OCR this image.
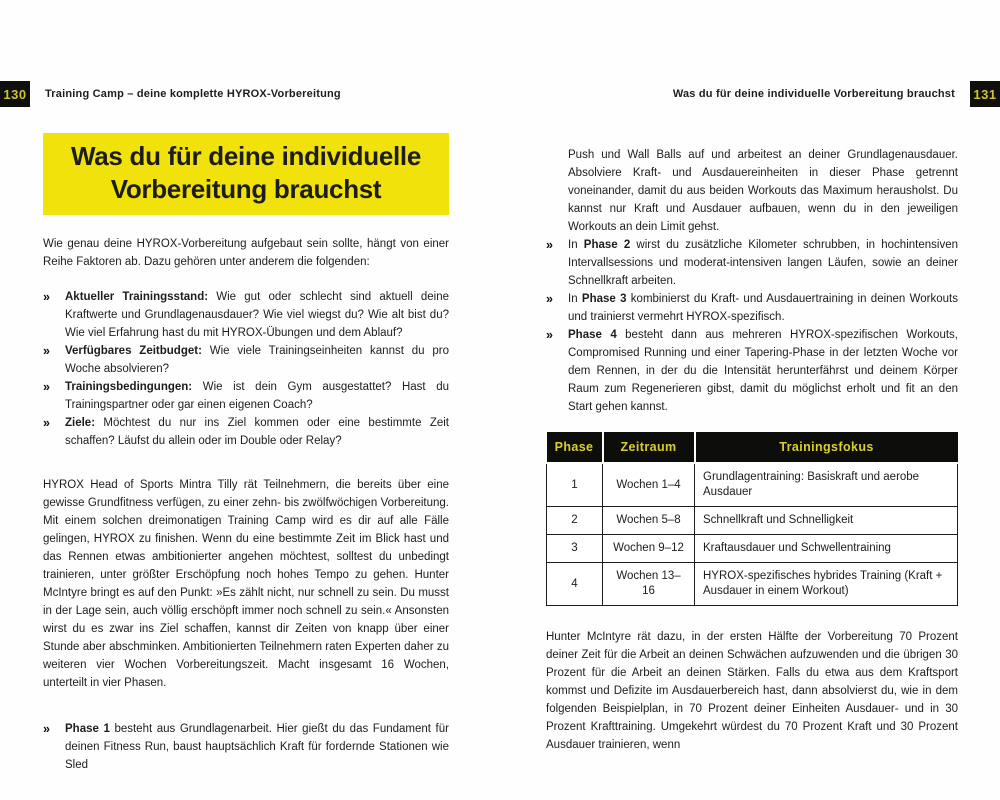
130	Training Camp – deine komplette HYROX-Vorbereitung	Was du für deine individuelle Vorbereitung brauchst 131
Was du für deine individuelle
Vorbereitung brauchst

Wie genau deine HYROX-Vorbereitung aufgebaut sein sollte, hängt von einer Reihe Faktoren ab. Dazu gehören unter anderem die folgenden:

»	Aktueller Trainingsstand: Wie gut oder schlecht sind aktuell deine Kraftwerte und Grundlagenausdauer? Wie viel wiegst du? Wie alt bist du? Wie viel Erfahrung hast du mit HYROX-Übungen und dem Ablauf?
»	Verfügbares Zeitbudget: Wie viele Trainingseinheiten kannst du pro Woche absolvieren?
»	Trainingsbedingungen: Wie ist dein Gym ausgestattet? Hast du Trainingspartner oder gar einen eigenen Coach?
»	Ziele: Möchtest du nur ins Ziel kommen oder eine bestimmte Zeit schaffen? Läufst du allein oder im Double oder Relay?

HYROX Head of Sports Mintra Tilly rät Teilnehmern, die bereits über eine gewisse Grundfitness verfügen, zu einer zehn- bis zwölfwöchigen Vorbereitung. Mit einem solchen dreimonatigen Training Camp wird es dir auf alle Fälle gelingen, HYROX zu finishen. Wenn du eine bestimmte Zeit im Blick hast und das Rennen etwas ambitionierter angehen möchtest, solltest du unbedingt trainieren, unter größter Erschöpfung noch hohes Tempo zu gehen. Hunter McIntyre bringt es auf den Punkt: »Es zählt nicht, nur schnell zu sein. Du musst in der Lage sein, auch völlig erschöpft immer noch schnell zu sein.« Ansonsten wirst du es zwar ins Ziel schaffen, kannst dir Zeiten von knapp über einer Stunde aber abschminken. Ambitionierten Teilnehmern raten Experten daher zu weiteren vier Wochen Vorbereitungszeit. Macht insgesamt 16 Wochen, unterteilt in vier Phasen.

»	Phase 1 besteht aus Grundlagenarbeit. Hier gießt du das Fundament für deinen Fitness Run, baust hauptsächlich Kraft für fordernde Stationen wie Sled
Push und Wall Balls auf und arbeitest an deiner Grundlagenausdauer. Absolviere Kraft- und Ausdauereinheiten in dieser Phase getrennt voneinander, damit du aus beiden Workouts das Maximum herausholst. Du kannst nur Kraft und Ausdauer aufbauen, wenn du in den jeweiligen Workouts an dein Limit gehst.
»	In Phase 2 wirst du zusätzliche Kilometer schrubben, in hochintensiven Intervallsessions und moderat-intensiven langen Läufen, sowie an deiner Schnellkraft arbeiten.
»	In Phase 3 kombinierst du Kraft- und Ausdauertraining in deinen Workouts und trainierst vermehrt HYROX-spezifisch.
»	Phase 4 besteht dann aus mehreren HYROX-spezifischen Workouts, Compromised Running und einer Tapering-Phase in der letzten Woche vor dem Rennen, in der du die Intensität herunterfährst und deinem Körper Raum zum Regenerieren gibst, damit du möglichst erholt und fit an den Start gehen kannst.
Phase	Zeitraum	Trainingsfokus
1	Wochen 1–4	Grundlagentraining: Basiskraft und aerobe Ausdauer
2	Wochen 5–8	Schnellkraft und Schnelligkeit
3	Wochen 9–12	Kraftausdauer und Schwellentraining
4	Wochen 13–16	HYROX-spezifisches hybrides Training (Kraft + Ausdauer in einem Workout)

Hunter McIntyre rät dazu, in der ersten Hälfte der Vorbereitung 70 Prozent deiner Zeit für die Arbeit an deinen Schwächen aufzuwenden und die übrigen 30 Prozent für die Arbeit an deinen Stärken. Falls du etwa aus dem Kraftsport kommst und Defizite im Ausdauerbereich hast, dann absolvierst du, wie in dem folgenden Beispielplan, in 70 Prozent deiner Einheiten Ausdauer- und in 30 Prozent Krafttraining. Umgekehrt würdest du 70 Prozent Kraft und 30 Prozent Ausdauer trainieren, wenn
